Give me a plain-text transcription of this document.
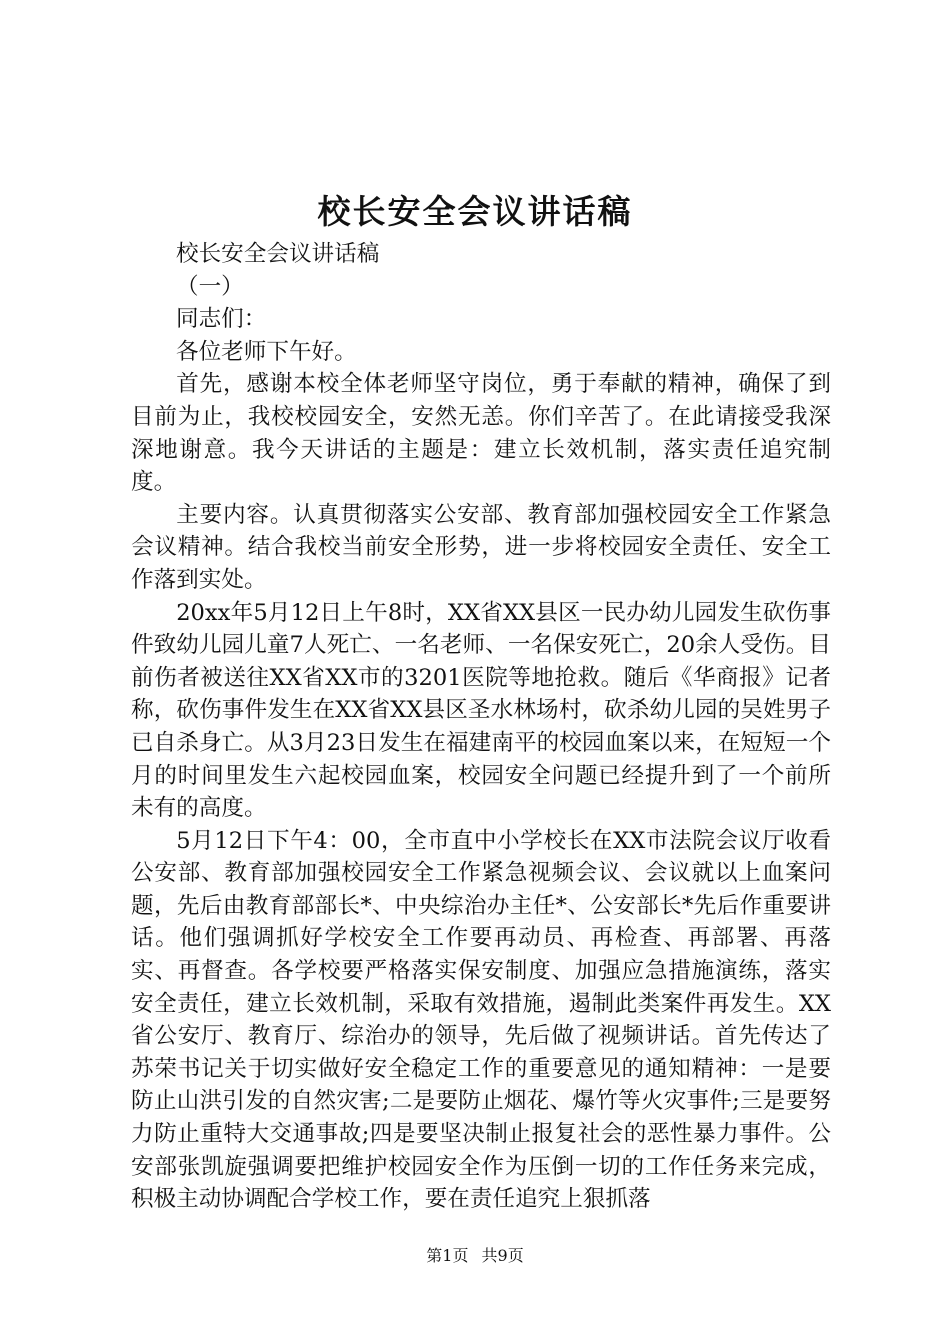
校长安全会议讲话稿

校长安全会议讲话稿

（一）

同志们：

各位老师下午好。

首先，感谢本校全体老师坚守岗位，勇于奉献的精神，确保了到目前为止，我校校园安全，安然无恙。你们辛苦了。在此请接受我深深地谢意。我今天讲话的主题是：建立长效机制，落实责任追究制度。

主要内容。认真贯彻落实公安部、教育部加强校园安全工作紧急会议精神。结合我校当前安全形势，进一步将校园安全责任、安全工作落到实处。

20xx年5月12日上午8时，XX省XX县区一民办幼儿园发生砍伤事件致幼儿园儿童7人死亡、一名老师、一名保安死亡，20余人受伤。目前伤者被送往XX省XX市的3201医院等地抢救。随后《华商报》记者称，砍伤事件发生在XX省XX县区圣水林场村，砍杀幼儿园的吴姓男子已自杀身亡。从3月23日发生在福建南平的校园血案以来，在短短一个月的时间里发生六起校园血案，校园安全问题已经提升到了一个前所未有的高度。

5月12日下午4：00，全市直中小学校长在XX市法院会议厅收看公安部、教育部加强校园安全工作紧急视频会议、会议就以上血案问题，先后由教育部部长*、中央综治办主任*、公安部长*先后作重要讲话。他们强调抓好学校安全工作要再动员、再检查、再部署、再落实、再督查。各学校要严格落实保安制度、加强应急措施演练，落实安全责任，建立长效机制，采取有效措施，遏制此类案件再发生。XX省公安厅、教育厅、综治办的领导，先后做了视频讲话。首先传达了苏荣书记关于切实做好安全稳定工作的重要意见的通知精神：一是要防止山洪引发的自然灾害;二是要防止烟花、爆竹等火灾事件;三是要努力防止重特大交通事故;四是要坚决制止报复社会的恶性暴力事件。公安部张凯旋强调要把维护校园安全作为压倒一切的工作任务来完成，积极主动协调配合学校工作，要在责任追究上狠抓落

第1页 共9页
